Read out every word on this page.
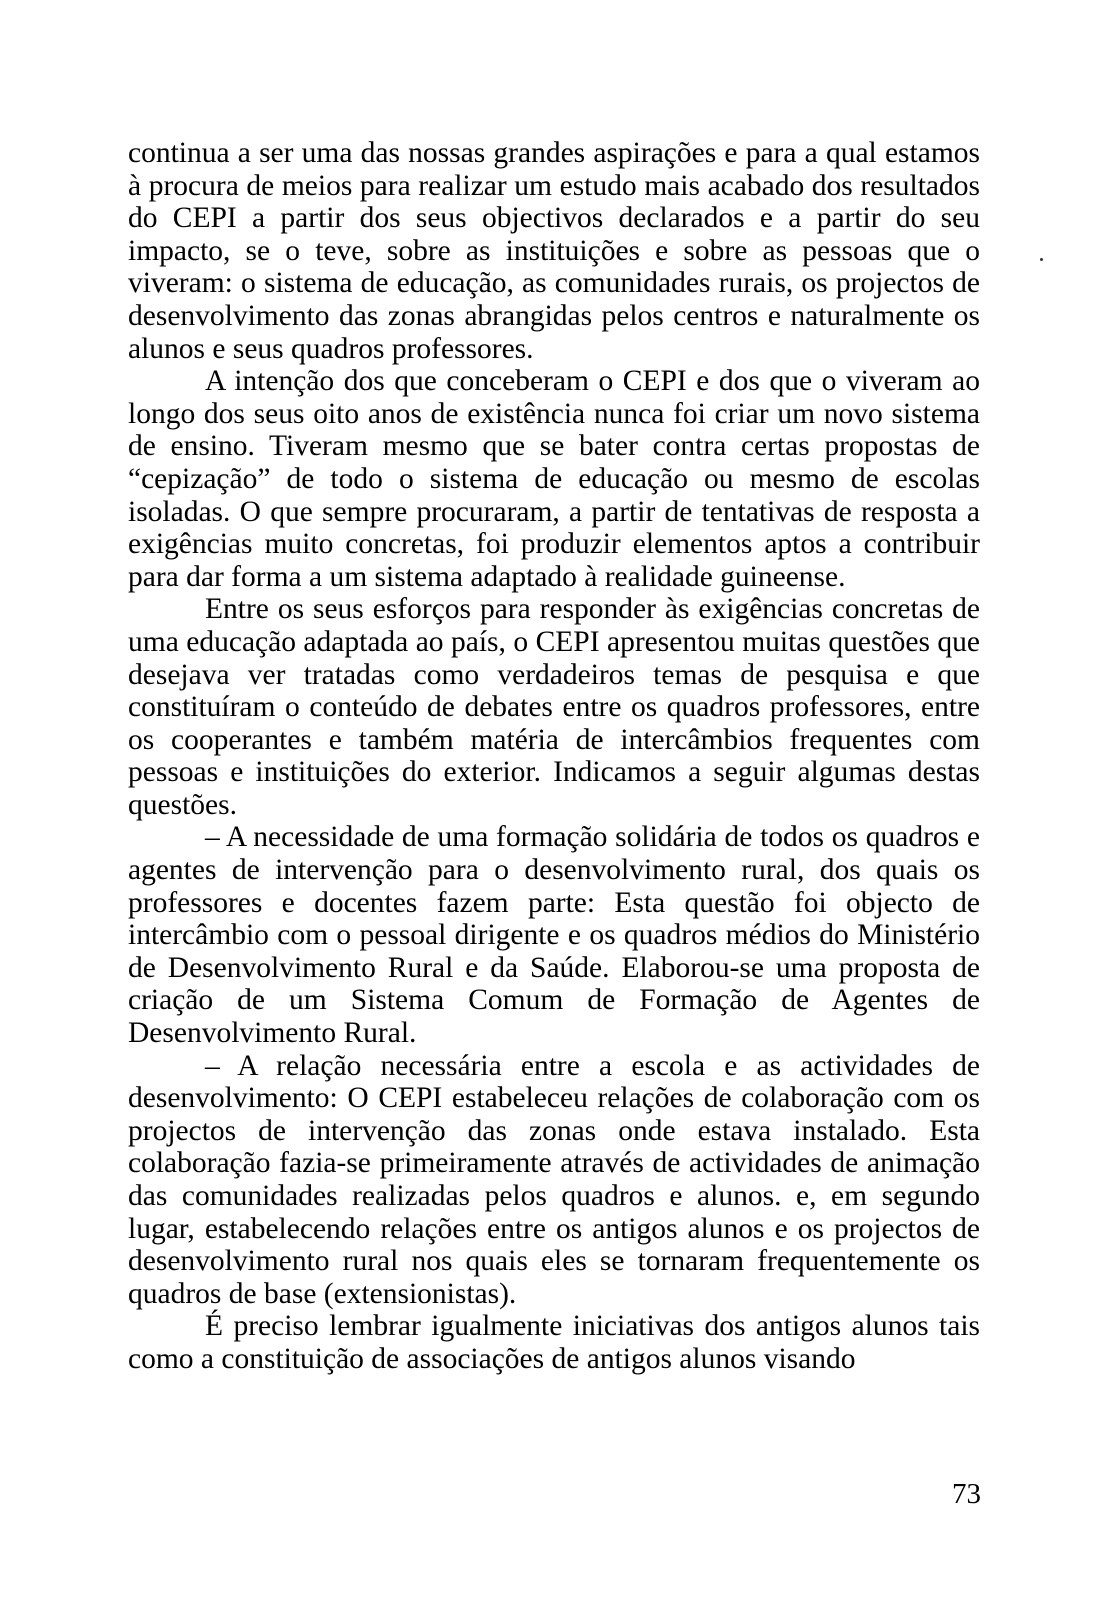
continua a ser uma das nossas grandes aspirações e para a qual estamos à procura de meios para realizar um estudo mais acabado dos resultados do CEPI a partir dos seus objectivos declarados e a partir do seu impacto, se o teve, sobre as instituições e sobre as pessoas que o viveram: o sistema de educação, as comunidades rurais, os projectos de desenvolvimento das zonas abrangidas pelos centros e naturalmente os alunos e seus quadros professores.

A intenção dos que conceberam o CEPI e dos que o viveram ao longo dos seus oito anos de existência nunca foi criar um novo sistema de ensino. Tiveram mesmo que se bater contra certas propostas de “cepização” de todo o sistema de educação ou mesmo de escolas isoladas. O que sempre procuraram, a partir de tentativas de resposta a exigências muito concretas, foi produzir elementos aptos a contribuir para dar forma a um sistema adaptado à realidade guineense.

Entre os seus esforços para responder às exigências concretas de uma educação adaptada ao país, o CEPI apresentou muitas questões que desejava ver tratadas como verdadeiros temas de pesquisa e que constituíram o conteúdo de debates entre os quadros professores, entre os cooperantes e também matéria de intercâmbios frequentes com pessoas e instituições do exterior. Indicamos a seguir algumas destas questões.

– A necessidade de uma formação solidária de todos os quadros e agentes de intervenção para o desenvolvimento rural, dos quais os professores e docentes fazem parte: Esta questão foi objecto de intercâmbio com o pessoal dirigente e os quadros médios do Ministério de Desenvolvimento Rural e da Saúde. Elaborou-se uma proposta de criação de um Sistema Comum de Formação de Agentes de Desenvolvimento Rural.

– A relação necessária entre a escola e as actividades de desenvolvimento: O CEPI estabeleceu relações de colaboração com os projectos de intervenção das zonas onde estava instalado. Esta colaboração fazia-se primeiramente através de actividades de animação das comunidades realizadas pelos quadros e alunos. e, em segundo lugar, estabelecendo relações entre os antigos alunos e os projectos de desenvolvimento rural nos quais eles se tornaram frequentemente os quadros de base (extensionistas).

É preciso lembrar igualmente iniciativas dos antigos alunos tais como a constituição de associações de antigos alunos visando

73
